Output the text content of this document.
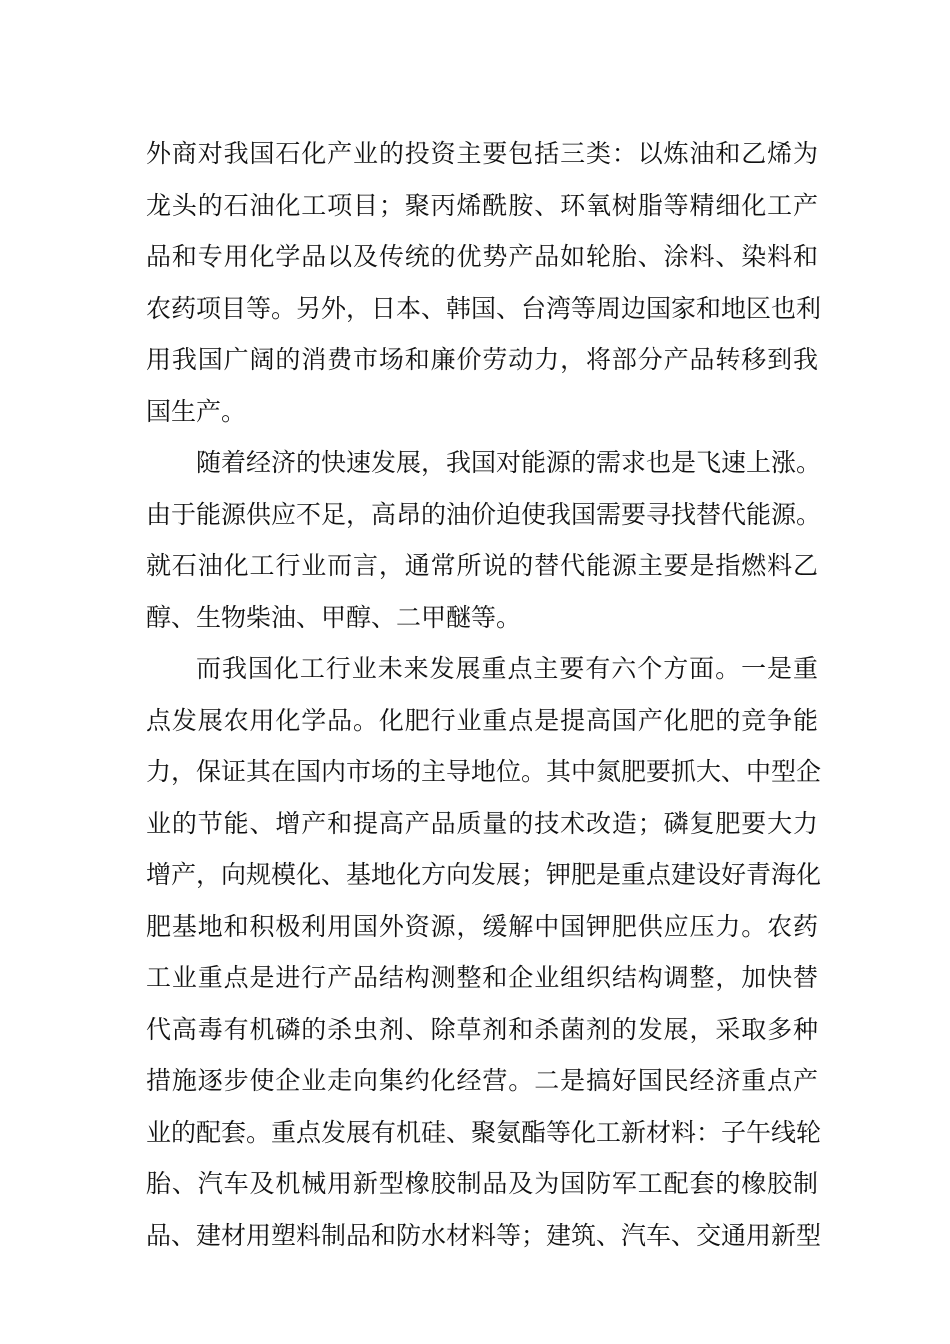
外商对我国石化产业的投资主要包括三类：以炼油和乙烯为
龙头的石油化工项目；聚丙烯酰胺、环氧树脂等精细化工产
品和专用化学品以及传统的优势产品如轮胎、涂料、染料和
农药项目等。另外，日本、韩国、台湾等周边国家和地区也利
用我国广阔的消费市场和廉价劳动力，将部分产品转移到我
国生产。
随着经济的快速发展，我国对能源的需求也是飞速上涨。
由于能源供应不足，高昂的油价迫使我国需要寻找替代能源。
就石油化工行业而言，通常所说的替代能源主要是指燃料乙
醇、生物柴油、甲醇、二甲醚等。
而我国化工行业未来发展重点主要有六个方面。一是重
点发展农用化学品。化肥行业重点是提高国产化肥的竞争能
力，保证其在国内市场的主导地位。其中氮肥要抓大、中型企
业的节能、增产和提高产品质量的技术改造；磷复肥要大力
增产，向规模化、基地化方向发展；钾肥是重点建设好青海化
肥基地和积极利用国外资源，缓解中国钾肥供应压力。农药
工业重点是进行产品结构测整和企业组织结构调整，加快替
代高毒有机磷的杀虫剂、除草剂和杀菌剂的发展，采取多种
措施逐步使企业走向集约化经营。二是搞好国民经济重点产
业的配套。重点发展有机硅、聚氨酯等化工新材料：子午线轮
胎、汽车及机械用新型橡胶制品及为国防军工配套的橡胶制
品、建材用塑料制品和防水材料等；建筑、汽车、交通用新型
